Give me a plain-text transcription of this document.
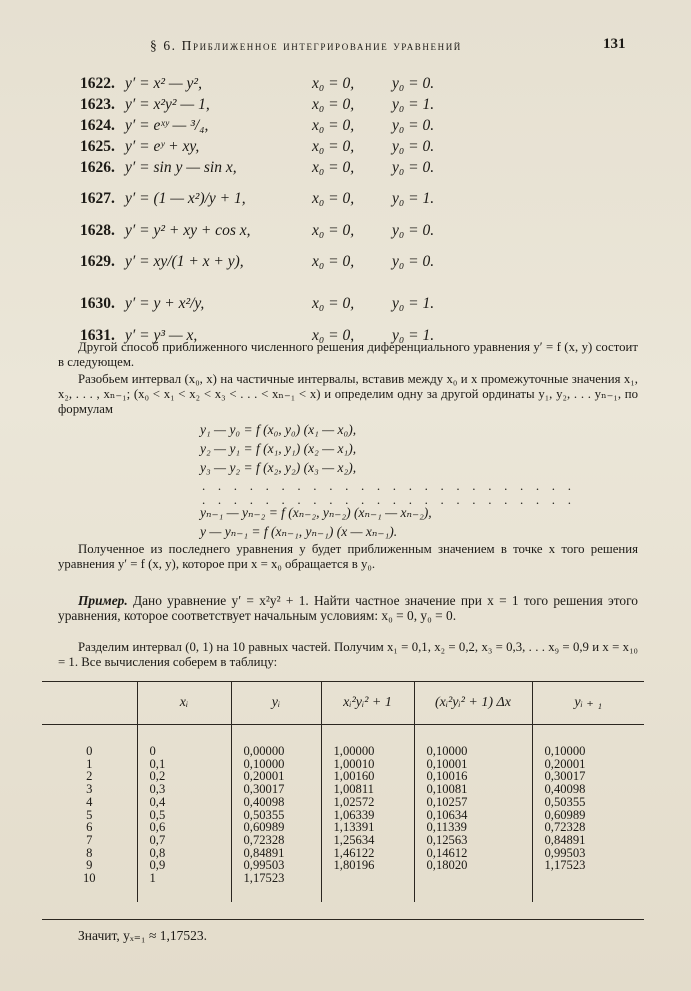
§ 6. Приближенное интегрирование уравнений	131
1622. y′ = x² — y²,	x₀ = 0, y₀ = 0.
1623. y′ = x²y² — 1,	x₀ = 0, y₀ = 1.
1624. y′ = eˣʸ — ³/₄,	x₀ = 0, y₀ = 0.
1625. y′ = eʸ + xy,	x₀ = 0, y₀ = 0.
1626. y′ = sin y — sin x,	x₀ = 0, y₀ = 0.
1627. y′ = (1 — x²)/y + 1,	x₀ = 0, y₀ = 1.
1628. y′ = y² + xy + cos x,	x₀ = 0, y₀ = 0.
1629. y′ = xy/(1 + x + y),	x₀ = 0, y₀ = 0.
1630. y′ = y + x²/y,	x₀ = 0, y₀ = 1.
1631. y′ = y³ — x,	x₀ = 0, y₀ = 1.
Другой способ приближенного численного решения диференциального уравнения y′ = f (x, y) состоит в следующем.
Разобьем интервал (x₀, x) на частичные интервалы, вставив между x₀ и x промежуточные значения x₁, x₂, . . . , xₙ₋₁; (x₀ < x₁ < x₂ < x₃ < . . . < xₙ₋₁ < x) и определим одну за другой ординаты y₁, y₂, . . . yₙ₋₁, по формулам
y₁ — y₀ = f (x₀, y₀) (x₁ — x₀),
y₂ — y₁ = f (x₁, y₁) (x₂ — x₁),
y₃ — y₂ = f (x₂, y₂) (x₃ — x₂),
. . . . . . . . . . . . . . . . . . . . . . . .
. . . . . . . . . . . . . . . . . . . . . . . .
yₙ₋₁ — yₙ₋₂ = f (xₙ₋₂, yₙ₋₂) (xₙ₋₁ — xₙ₋₂),
y — yₙ₋₁ = f (xₙ₋₁, yₙ₋₁) (x — xₙ₋₁).
Полученное из последнего уравнения y будет приближенным значением в точке x того решения уравнения y′ = f (x, y), которое при x = x₀ обращается в y₀.
Пример. Дано уравнение y′ = x²y² + 1. Найти частное значение при x = 1 того решения этого уравнения, которое соответствует начальным условиям: x₀ = 0, y₀ = 0.
Разделим интервал (0, 1) на 10 равных частей. Получим x₁ = 0,1, x₂ = 0,2, x₃ = 0,3, . . . x₉ = 0,9 и x = x₁₀ = 1. Все вычисления соберем в таблицу:
	xᵢ	yᵢ	xᵢ²yᵢ² + 1	(xᵢ²yᵢ² + 1) Δx	yᵢ ₊ ₁

0	0	0,00000	1,00000	0,10000	0,10000
1	0,1	0,10000	1,00010	0,10001	0,20001
2	0,2	0,20001	1,00160	0,10016	0,30017
3	0,3	0,30017	1,00811	0,10081	0,40098
4	0,4	0,40098	1,02572	0,10257	0,50355
5	0,5	0,50355	1,06339	0,10634	0,60989
6	0,6	0,60989	1,13391	0,11339	0,72328
7	0,7	0,72328	1,25634	0,12563	0,84891
8	0,8	0,84891	1,46122	0,14612	0,99503
9	0,9	0,99503	1,80196	0,18020	1,17523
10	1	1,17523			
Значит, yₓ₌₁ ≈ 1,17523.
